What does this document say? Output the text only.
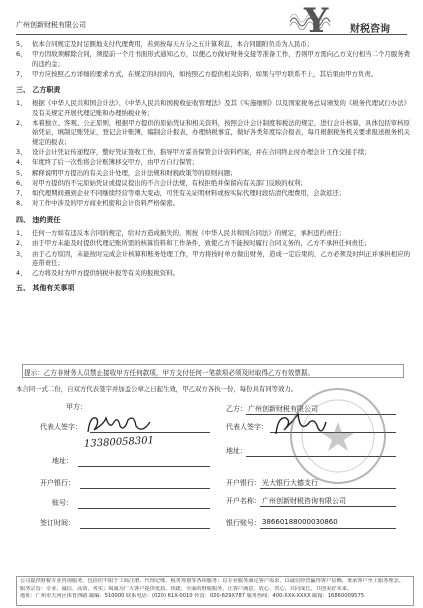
广州创新财税有限公司	Y 财税咨询
5、 依本合同规定及时足额地支付代理费用，若到按每天万分之五计算利息，本合同随附负币为人民币；
6、 甲方因故须解除合同，须提前一个月书面形式通知乙方，以便乙方做好财务交接等准备工作，否则甲方需向乙方支付相当二个月服务费的违约金；
7、 甲方应按照乙方详细的要求方式，在规定的时间内，如按照乙方提供相关资料，如果与甲方联系不上，其后果由甲方负责。
三、 乙方职责
1、 根据《中华人民共和国会计法》、《中华人民共和国税收征收管理法》及其《实施细则》以及国家税务总局颁发的《税务代理试行办法》及有关规定开展代理记账和办理纳税业务；
2、 本着独立、客观、公正原则，根据甲方提供的原始凭证和相关资料，按照会计会计制度和税法的规定，进行会计核算，具体包括审核原始凭证，填制记账凭证，登记会计账簿，编制会计报表，办理纳税事宜，做好各类年度综合报表，每月根据税务机关要求报送税务机关规定的报表；
3、 设计会计凭证传递程序，整好凭证签收工作，指导甲方妥善保管会计资料档案，并在合同终止时办理会计工作交接手续；
4、 年度终了后一次性将会计账簿移交甲方，由甲方自行保管；
5、 解释说明甲方提出的有关会计处理，会计法规和财税政策等的原则问题；
6、 对甲方提供的不完原始凭证或提议提出的不合会计法规，有权拒绝并保留向有关部门反映的权利；
7、 如代理期间遇到企业不同继续经营等重大变动，可凭有关证明材料或按实际代理时段结清代理费用，会款返还；
8、 对工作中涉及的甲方商业机密和会计资料严格保密。
四、 违约责任
1、 任何一方如有违反本合同的规定，给对方造成损失的，则按《中华人民共和国合同法》的规定，承担违约责任；
2、 由于甲方未能及时提供代理记账所需的核算资料和工作条件，致使乙方不能按时履行合同义务的，乙方不承担任何责任；
3、 由于乙方原因，未能按时完成会计核算和账务处理工作，甲方将按时单方做出财务，造成一定后果的，乙方必须及时纠正并承担相应的连带责任；
4、 乙方将及时为甲方提供纳税申报等有关的报税资料。
五、 其他有关事项
提示：乙方非财务人员禁止接收甲方任何款项，甲方支付任何一笔款项必须及时取得乙方有效票据。
本合同一式二份，自双方代表签字并加盖公章之日起生效，甲乙双方各执一份，每份具有同等效力。
甲方：
代表人签字：
地址：
开户银行：
账号：
签订时间：
13380058301
乙方： 广州创新财税有限公司
代表人签字：
地址：
开户银行： 光大银行大德支行
开户名称： 广州创新财税咨询有限公司
银行账号： 38660188000030860
公司提供财税专业咨询服务，包括但不限于工商注册、代理记账、税务筹划等各项服务；以专业服务满足客户需求，以诚信经营赢得客户信赖，秉承客户至上服务理念。
服务宗旨：专业、诚信、高效、务实；竭诚为广大客户提供优质、快捷、全面的财税服务，让客户满意、放心、省心，共同成长，共创美好未来。
地址：广州市天河区体育西路 邮编：510000 联系电话：(020) 61X-0010 传真：020-629X787 服务热线：400-XXX-XXXX 邮箱：16860009575
